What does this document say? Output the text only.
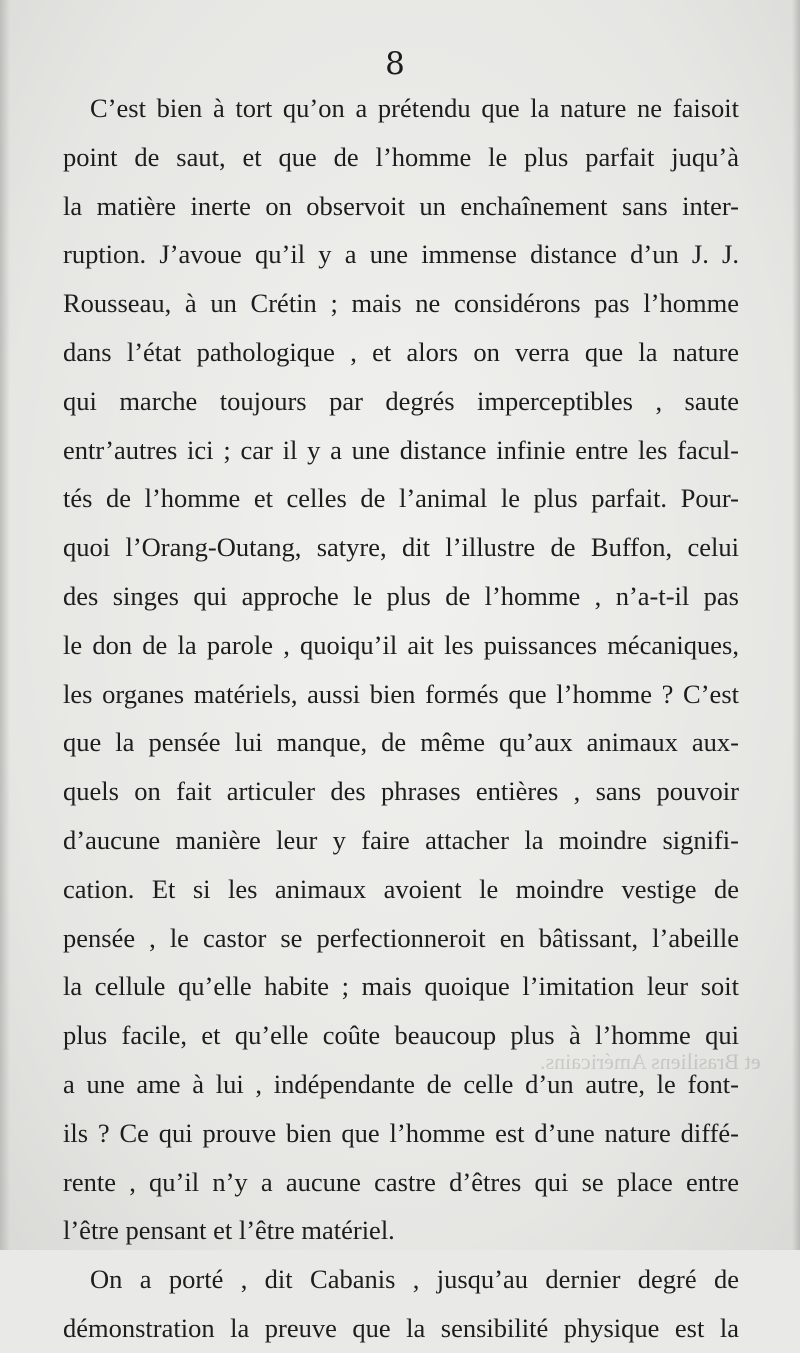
8
et Brasiliens Américains.
C’est bien à tort qu’on a prétendu que la nature ne faisoit
point de saut, et que de l’homme le plus parfait juqu’à
la matière inerte on observoit un enchaînement sans inter-
ruption. J’avoue qu’il y a une immense distance d’un J. J.
Rousseau, à un Crétin ; mais ne considérons pas l’homme
dans l’état pathologique , et alors on verra que la nature
qui marche toujours par degrés imperceptibles , saute
entr’autres ici ; car il y a une distance infinie entre les facul-
tés de l’homme et celles de l’animal le plus parfait. Pour-
quoi l’Orang-Outang, satyre, dit l’illustre de Buffon, celui
des singes qui approche le plus de l’homme , n’a-t-il pas
le don de la parole , quoiqu’il ait les puissances mécaniques,
les organes matériels, aussi bien formés que l’homme ? C’est
que la pensée lui manque, de même qu’aux animaux aux-
quels on fait articuler des phrases entières , sans pouvoir
d’aucune manière leur y faire attacher la moindre signifi-
cation. Et si les animaux avoient le moindre vestige de
pensée , le castor se perfectionneroit en bâtissant, l’abeille
la cellule qu’elle habite ; mais quoique l’imitation leur soit
plus facile, et qu’elle coûte beaucoup plus à l’homme qui
a une ame à lui , indépendante de celle d’un autre, le font-
ils ? Ce qui prouve bien que l’homme est d’une nature diffé-
rente , qu’il n’y a aucune castre d’êtres qui se place entre
l’être pensant et l’être matériel.
On a porté , dit Cabanis , jusqu’au dernier degré de
démonstration la preuve que la sensibilité physique est la
